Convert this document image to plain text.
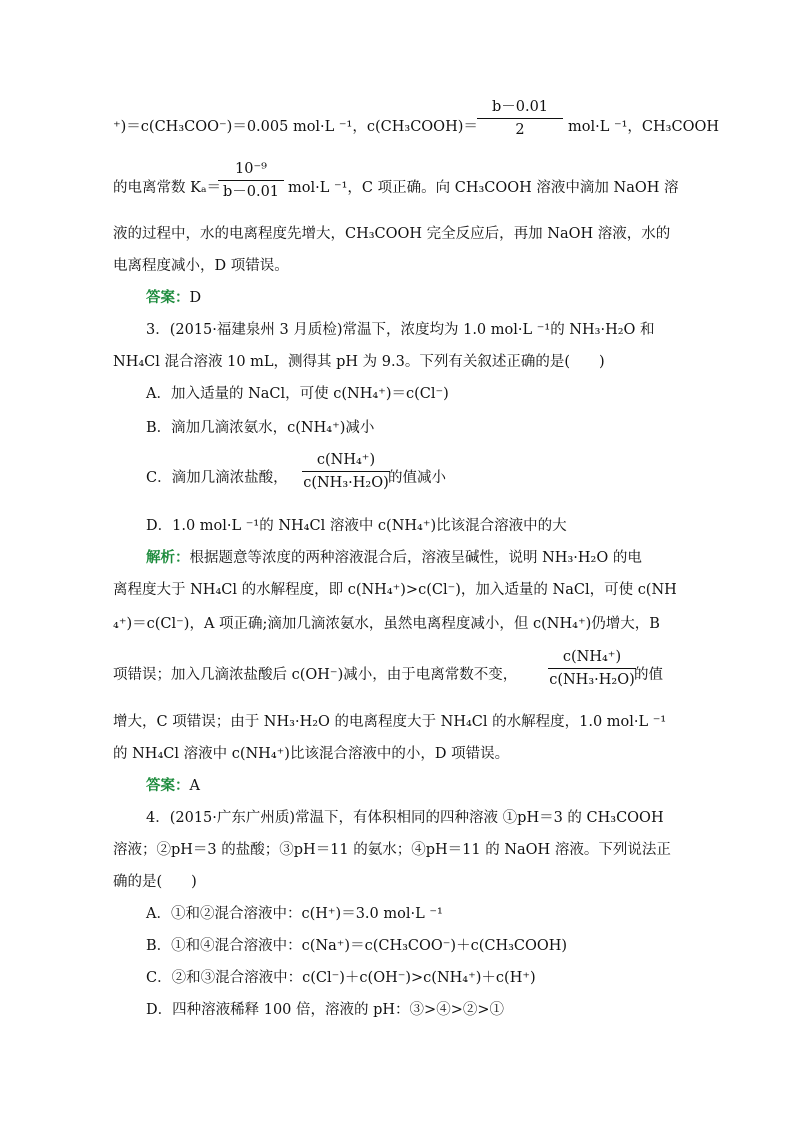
⁺)＝c(CH₃COO⁻)＝0.005 mol·L ⁻¹，c(CH₃COOH)＝
b－0.01
2	mol·L ⁻¹，CH₃COOH
的电离常数 Kₐ＝
10⁻⁹
b－0.01 mol·L ⁻¹，C 项正确。向 CH₃COOH 溶液中滴加 NaOH 溶
液的过程中，水的电离程度先增大，CH₃COOH 完全反应后，再加 NaOH 溶液，水的
电离程度减小，D 项错误。
答案：D
3．(2015·福建泉州 3 月质检)常温下，浓度均为 1.0 mol·L ⁻¹的 NH₃·H₂O 和
NH₄Cl 混合溶液 10 mL，测得其 pH 为 9.3。下列有关叙述正确的是(　　)
A．加入适量的 NaCl，可使 c(NH₄⁺)＝c(Cl⁻)
B．滴加几滴浓氨水，c(NH₄⁺)减小
C．滴加几滴浓盐酸，
c(NH₄⁺)
c(NH₃·H₂O) 的值减小
D．1.0 mol·L ⁻¹的 NH₄Cl 溶液中 c(NH₄⁺)比该混合溶液中的大
解析：根据题意等浓度的两种溶液混合后，溶液呈碱性，说明 NH₃·H₂O 的电
离程度大于 NH₄Cl 的水解程度，即 c(NH₄⁺)>c(Cl⁻)，加入适量的 NaCl，可使 c(NH
₄⁺)＝c(Cl⁻)，A 项正确;滴加几滴浓氨水，虽然电离程度减小，但 c(NH₄⁺)仍增大，B
项错误；加入几滴浓盐酸后 c(OH⁻)减小，由于电离常数不变，
c(NH₄⁺)
c(NH₃·H₂O) 的值
增大，C 项错误；由于 NH₃·H₂O 的电离程度大于 NH₄Cl 的水解程度，1.0 mol·L ⁻¹
的 NH₄Cl 溶液中 c(NH₄⁺)比该混合溶液中的小，D 项错误。
答案：A
4．(2015·广东广州质)常温下，有体积相同的四种溶液 ①pH＝3 的 CH₃COOH
溶液；②pH＝3 的盐酸；③pH＝11 的氨水；④pH＝11 的 NaOH 溶液。下列说法正
确的是(　　)
A．①和②混合溶液中：c(H⁺)＝3.0 mol·L ⁻¹
B．①和④混合溶液中：c(Na⁺)＝c(CH₃COO⁻)＋c(CH₃COOH)
C．②和③混合溶液中：c(Cl⁻)＋c(OH⁻)>c(NH₄⁺)＋c(H⁺)
D．四种溶液稀释 100 倍，溶液的 pH：③>④>②>①
